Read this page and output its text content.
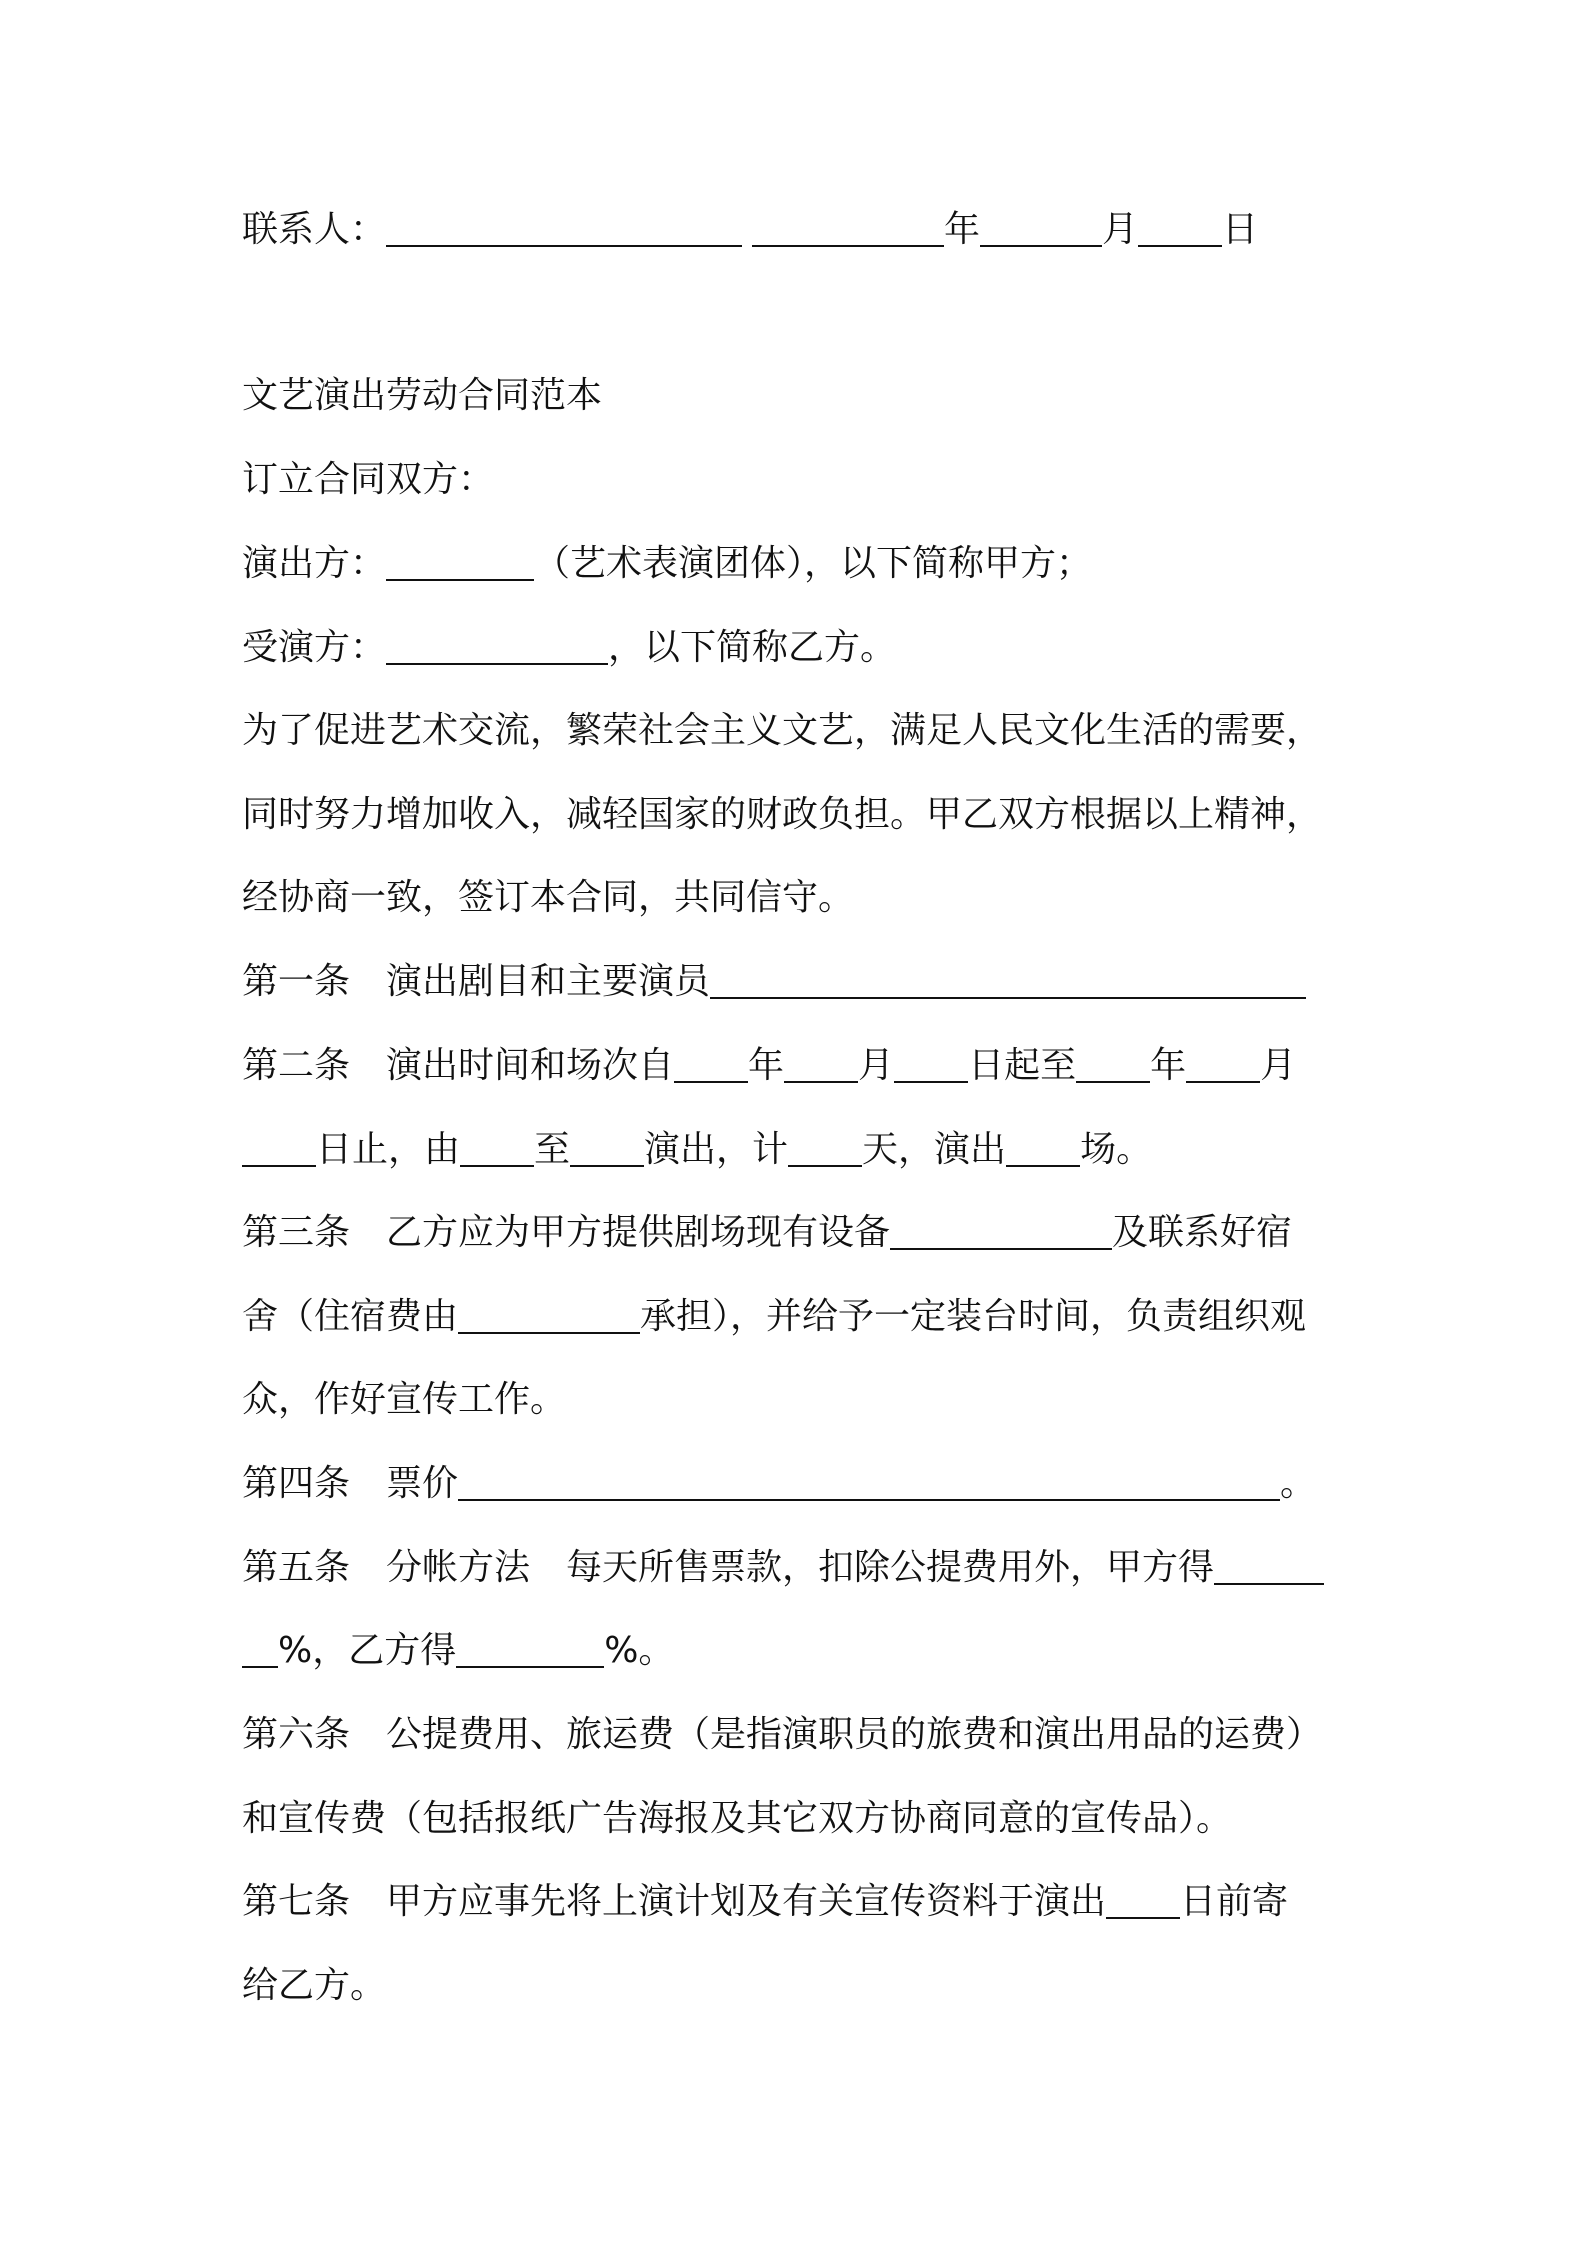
联系人：	年	月 日
文艺演出劳动合同范本
订立合同双方：
演出方：	（艺术表演团体），以下简称甲方；
受演方：	，以下简称乙方。
为了促进艺术交流，繁荣社会主义文艺，满足人民文化生活的需要，
同时努力增加收入，减轻国家的财政负担。甲乙双方根据以上精神，
经协商一致，签订本合同，共同信守。
第一条 演出剧目和主要演员
第二条 演出时间和场次自 年 月 日起至 年 月
日止，由 至 演出，计 天，演出 场。
第三条 乙方应为甲方提供剧场现有设备	及联系好宿
舍（住宿费由	承担），并给予一定装台时间，负责组织观
众，作好宣传工作。
第四条 票价	。
第五条 分帐方法 每天所售票款，扣除公提费用外，甲方得
%，乙方得	%。
第六条 公提费用、旅运费（是指演职员的旅费和演出用品的运费）
和宣传费（包括报纸广告海报及其它双方协商同意的宣传品）。
第七条 甲方应事先将上演计划及有关宣传资料于演出 日前寄
给乙方。
